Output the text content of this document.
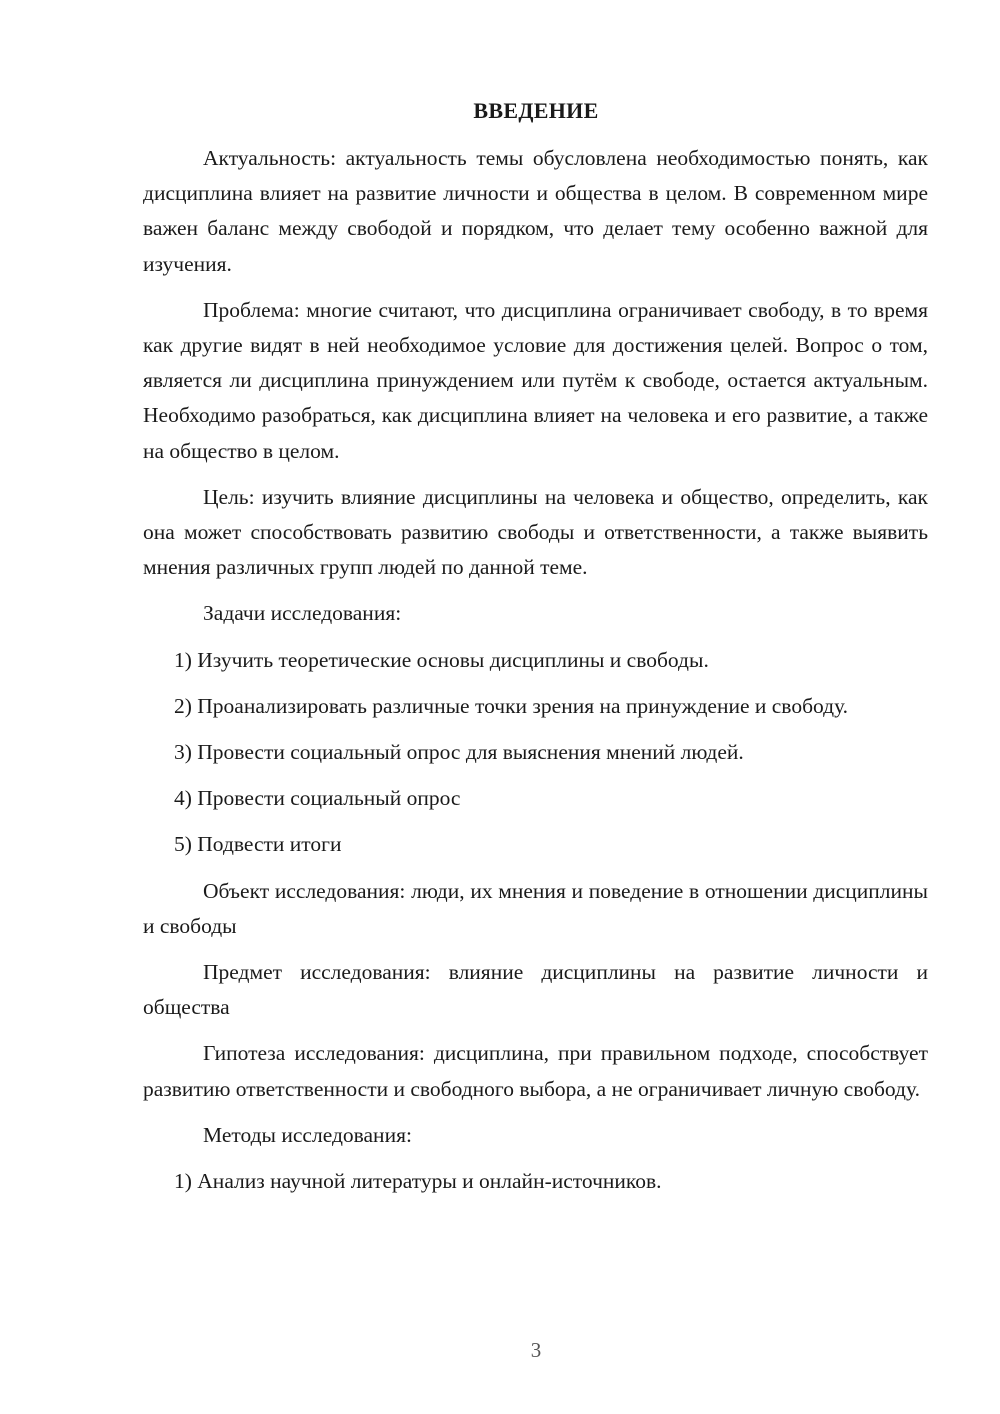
ВВЕДЕНИЕ

Актуальность: актуальность темы обусловлена необходимостью понять, как дисциплина влияет на развитие личности и общества в целом. В современном мире важен баланс между свободой и порядком, что делает тему особенно важной для изучения.

Проблема: многие считают, что дисциплина ограничивает свободу, в то время как другие видят в ней необходимое условие для достижения целей. Вопрос о том, является ли дисциплина принуждением или путём к свободе, остается актуальным. Необходимо разобраться, как дисциплина влияет на человека и его развитие, а также на общество в целом.

Цель: изучить влияние дисциплины на человека и общество, определить, как она может способствовать развитию свободы и ответственности, а также выявить мнения различных групп людей по данной теме.

Задачи исследования:

1) Изучить теоретические основы дисциплины и свободы.

2) Проанализировать различные точки зрения на принуждение и свободу.

3) Провести социальный опрос для выяснения мнений людей.

4) Провести социальный опрос

5) Подвести итоги

Объект исследования: люди, их мнения и поведение в отношении дисциплины и свободы

Предмет исследования: влияние дисциплины на развитие личности и общества

Гипотеза исследования: дисциплина, при правильном подходе, способствует развитию ответственности и свободного выбора, а не ограничивает личную свободу.

Методы исследования:

1) Анализ научной литературы и онлайн-источников.

3
